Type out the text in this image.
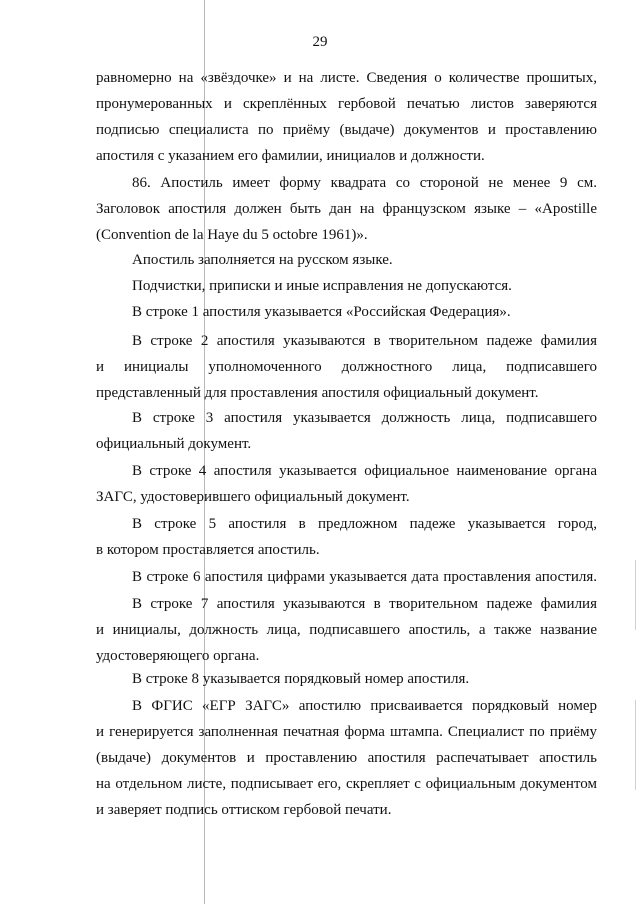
29
равномерно на «звёздочке» и на листе. Сведения о количестве прошитых,
пронумерованных и скреплённых гербовой печатью листов заверяются
подписью специалиста по приёму (выдаче) документов и проставлению
апостиля с указанием его фамилии, инициалов и должности.
86. Апостиль имеет форму квадрата со стороной не менее 9 см.
Заголовок апостиля должен быть дан на французском языке – «Apostille
(Convention de la Haye du 5 octobre 1961)».
Апостиль заполняется на русском языке.
Подчистки, приписки и иные исправления не допускаются.
В строке 1 апостиля указывается «Российская Федерация».
В строке 2 апостиля указываются в творительном падеже фамилия
и инициалы уполномоченного должностного лица, подписавшего
представленный для проставления апостиля официальный документ.
В строке 3 апостиля указывается должность лица, подписавшего
официальный документ.
В строке 4 апостиля указывается официальное наименование органа
ЗАГС, удостоверившего официальный документ.
В строке 5 апостиля в предложном падеже указывается город,
в котором проставляется апостиль.
В строке 6 апостиля цифрами указывается дата проставления апостиля.
В строке 7 апостиля указываются в творительном падеже фамилия
и инициалы, должность лица, подписавшего апостиль, а также название
удостоверяющего органа.
В строке 8 указывается порядковый номер апостиля.
В ФГИС «ЕГР ЗАГС» апостилю присваивается порядковый номер
и генерируется заполненная печатная форма штампа. Специалист по приёму
(выдаче) документов и проставлению апостиля распечатывает апостиль
на отдельном листе, подписывает его, скрепляет с официальным документом
и заверяет подпись оттиском гербовой печати.
